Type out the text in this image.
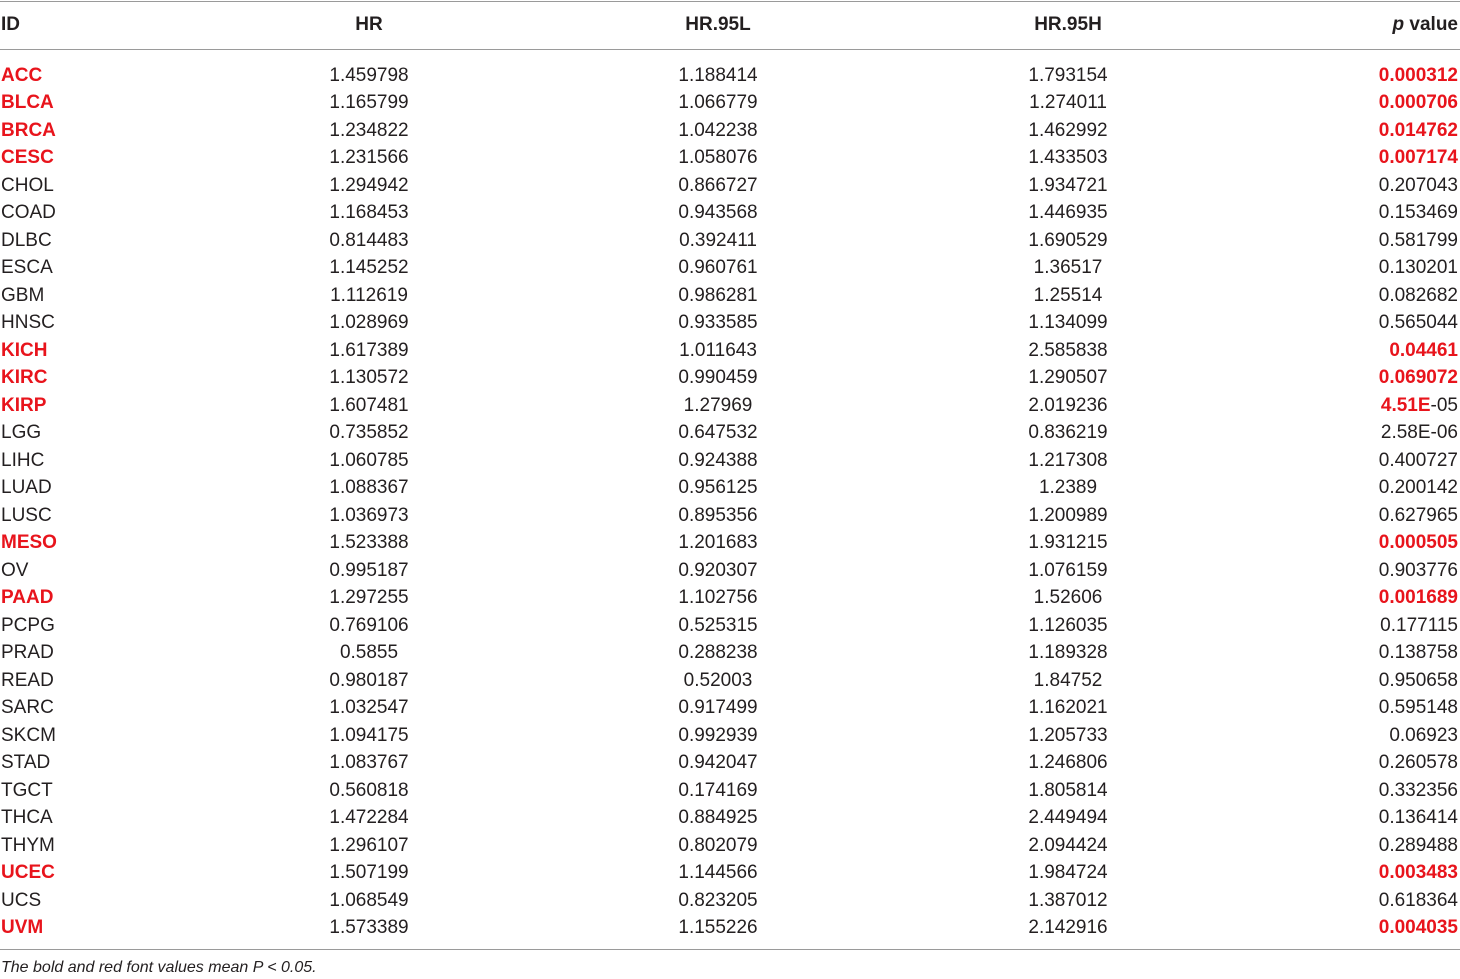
ID	HR	HR.95L	HR.95H	p value
ACC	1.459798	1.188414	1.793154	0.000312
BLCA	1.165799	1.066779	1.274011	0.000706
BRCA	1.234822	1.042238	1.462992	0.014762
CESC	1.231566	1.058076	1.433503	0.007174
CHOL	1.294942	0.866727	1.934721	0.207043
COAD	1.168453	0.943568	1.446935	0.153469
DLBC	0.814483	0.392411	1.690529	0.581799
ESCA	1.145252	0.960761	1.36517	0.130201
GBM	1.112619	0.986281	1.25514	0.082682
HNSC	1.028969	0.933585	1.134099	0.565044
KICH	1.617389	1.011643	2.585838	0.04461
KIRC	1.130572	0.990459	1.290507	0.069072
KIRP	1.607481	1.27969	2.019236	4.51E-05
LGG	0.735852	0.647532	0.836219	2.58E-06
LIHC	1.060785	0.924388	1.217308	0.400727
LUAD	1.088367	0.956125	1.2389	0.200142
LUSC	1.036973	0.895356	1.200989	0.627965
MESO	1.523388	1.201683	1.931215	0.000505
OV	0.995187	0.920307	1.076159	0.903776
PAAD	1.297255	1.102756	1.52606	0.001689
PCPG	0.769106	0.525315	1.126035	0.177115
PRAD	0.5855	0.288238	1.189328	0.138758
READ	0.980187	0.52003	1.84752	0.950658
SARC	1.032547	0.917499	1.162021	0.595148
SKCM	1.094175	0.992939	1.205733	0.06923
STAD	1.083767	0.942047	1.246806	0.260578
TGCT	0.560818	0.174169	1.805814	0.332356
THCA	1.472284	0.884925	2.449494	0.136414
THYM	1.296107	0.802079	2.094424	0.289488
UCEC	1.507199	1.144566	1.984724	0.003483
UCS	1.068549	0.823205	1.387012	0.618364
UVM	1.573389	1.155226	2.142916	0.004035
The bold and red font values mean P < 0.05.
